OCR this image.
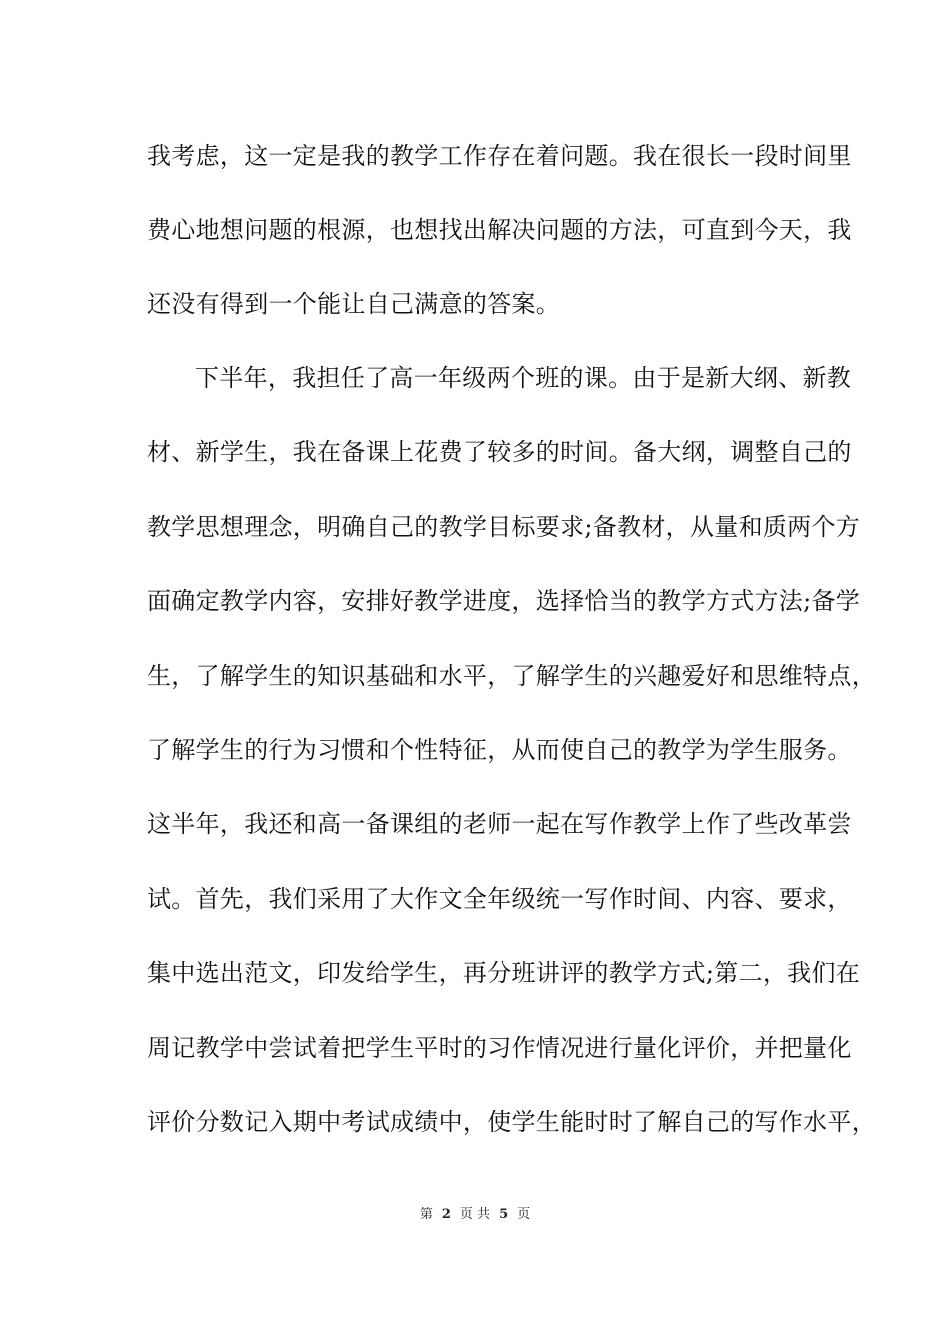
我考虑，这一定是我的教学工作存在着问题。我在很长一段时间里
费心地想问题的根源，也想找出解决问题的方法，可直到今天，我
还没有得到一个能让自己满意的答案。
下半年，我担任了高一年级两个班的课。由于是新大纲、新教
材、新学生，我在备课上花费了较多的时间。备大纲，调整自己的
教学思想理念，明确自己的教学目标要求;备教材，从量和质两个方
面确定教学内容，安排好教学进度，选择恰当的教学方式方法;备学
生，了解学生的知识基础和水平，了解学生的兴趣爱好和思维特点，
了解学生的行为习惯和个性特征，从而使自己的教学为学生服务。
这半年，我还和高一备课组的老师一起在写作教学上作了些改革尝
试。首先，我们采用了大作文全年级统一写作时间、内容、要求，
集中选出范文，印发给学生，再分班讲评的教学方式;第二，我们在
周记教学中尝试着把学生平时的习作情况进行量化评价，并把量化
评价分数记入期中考试成绩中，使学生能时时了解自己的写作水平，
第 2 页 共 5 页
